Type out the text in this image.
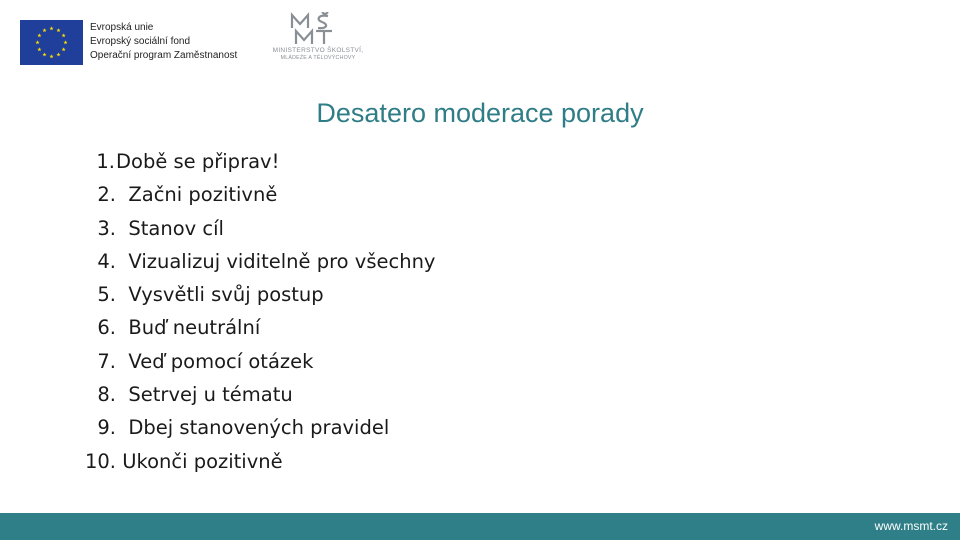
Evropská unie
Evropský sociální fond
Operační program Zaměstnanost	MINISTERSTVO ŠKOLSTVÍ,
MLÁDEŽE A TĚLOVÝCHOVY
Desatero moderace porady
1.Době se připrav!
2. Začni pozitivně
3. Stanov cíl
4. Vizualizuj viditelně pro všechny
5. Vysvětli svůj postup
6. Buď neutrální
7. Veď pomocí otázek
8. Setrvej u tématu
9. Dbej stanovených pravidel
10. Ukonči pozitivně
www.msmt.cz
